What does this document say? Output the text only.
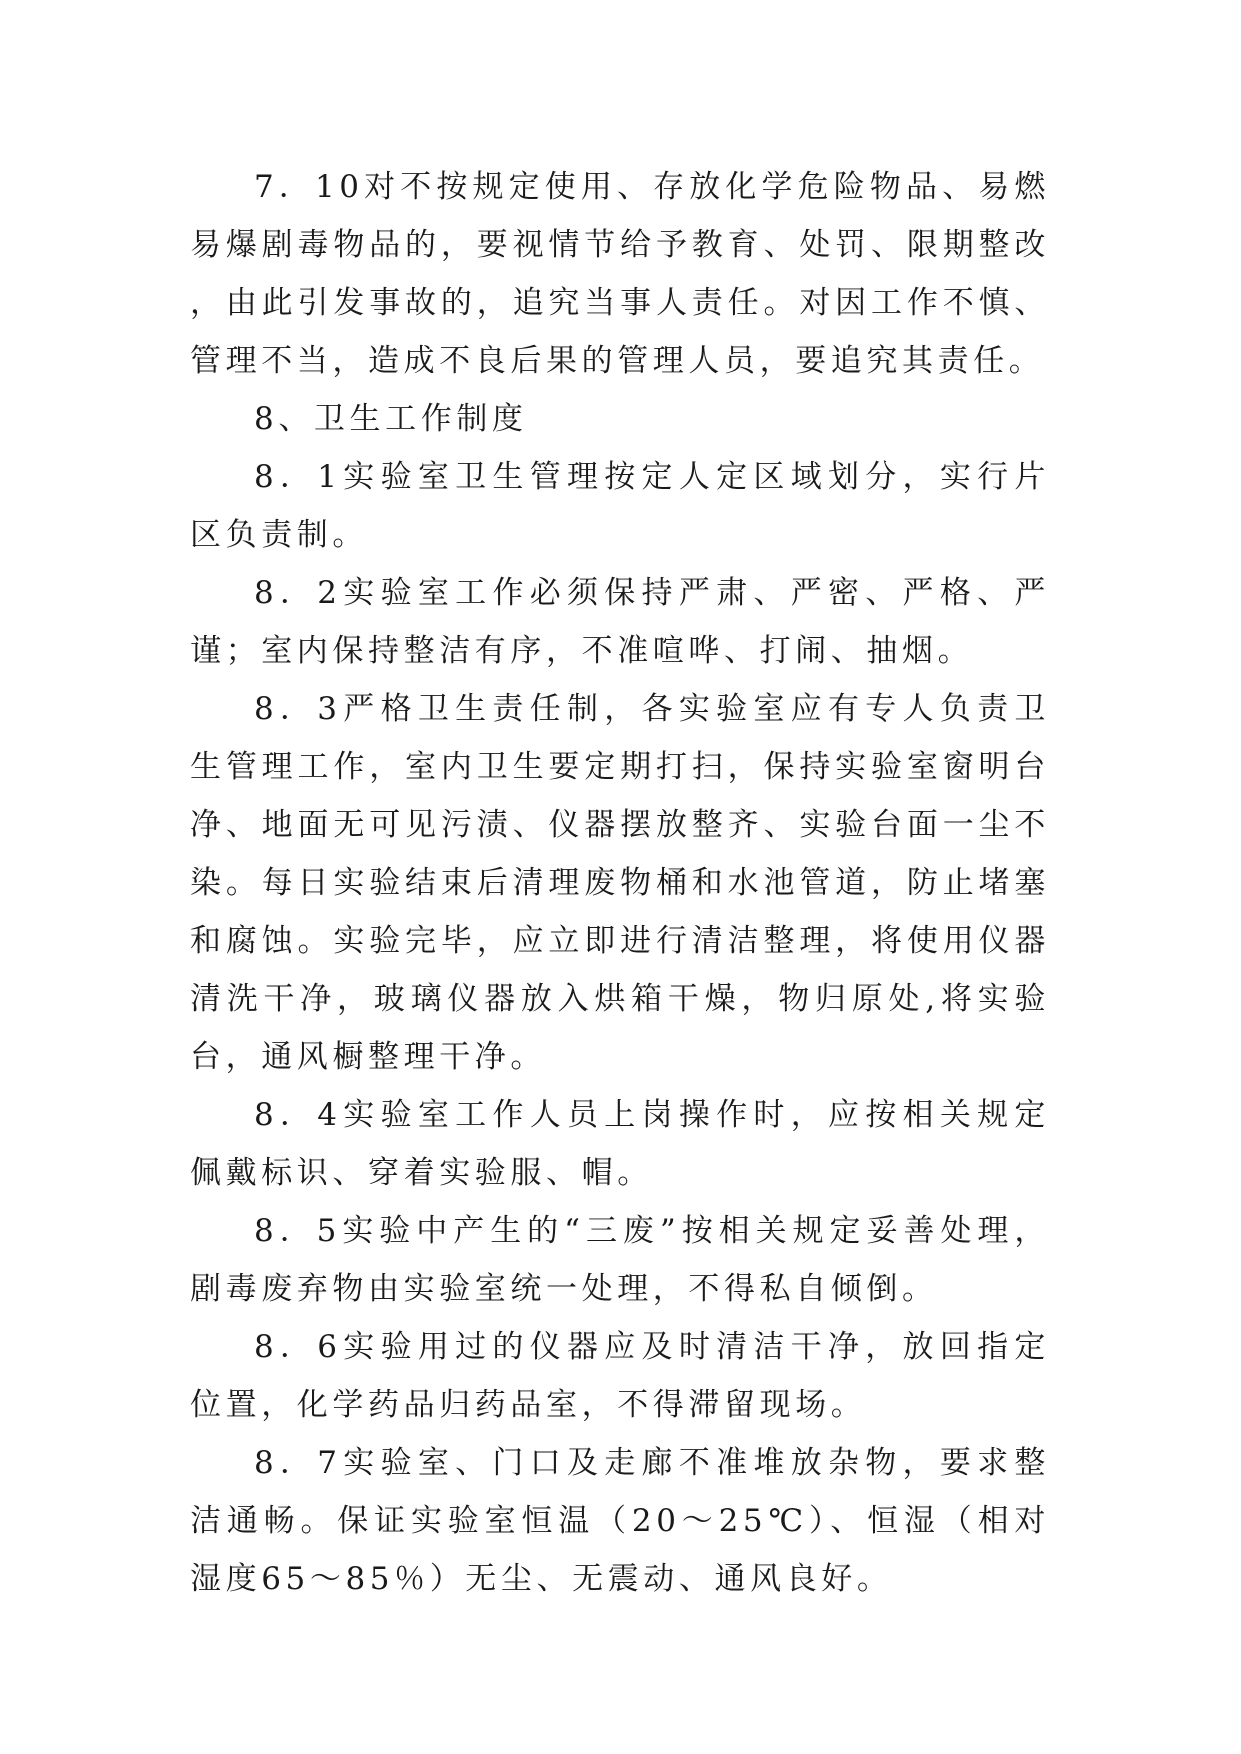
7．10对不按规定使用、存放化学危险物品、易燃易爆剧毒物品的，要视情节给予教育、处罚、限期整改，由此引发事故的，追究当事人责任。对因工作不慎、管理不当，造成不良后果的管理人员，要追究其责任。

8、卫生工作制度

8．1实验室卫生管理按定人定区域划分，实行片区负责制。

8．2实验室工作必须保持严肃、严密、严格、严谨；室内保持整洁有序，不准喧哗、打闹、抽烟。

8．3严格卫生责任制，各实验室应有专人负责卫生管理工作，室内卫生要定期打扫，保持实验室窗明台净、地面无可见污渍、仪器摆放整齐、实验台面一尘不染。每日实验结束后清理废物桶和水池管道，防止堵塞和腐蚀。实验完毕，应立即进行清洁整理，将使用仪器清洗干净，玻璃仪器放入烘箱干燥，物归原处,将实验台，通风橱整理干净。

8．4实验室工作人员上岗操作时，应按相关规定佩戴标识、穿着实验服、帽。

8．5实验中产生的“三废”按相关规定妥善处理，剧毒废弃物由实验室统一处理，不得私自倾倒。

8．6实验用过的仪器应及时清洁干净，放回指定位置，化学药品归药品室，不得滞留现场。

8．7实验室、门口及走廊不准堆放杂物，要求整洁通畅。保证实验室恒温（20～25℃）、恒湿（相对湿度65～85％）无尘、无震动、通风良好。
